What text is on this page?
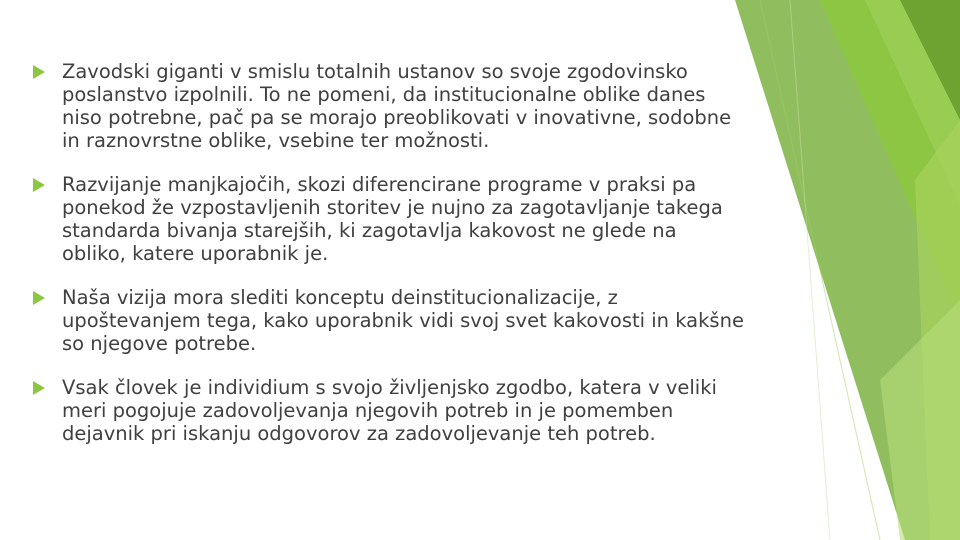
Zavodski giganti v smislu totalnih ustanov so svoje zgodovinsko
poslanstvo izpolnili. To ne pomeni, da institucionalne oblike danes
niso potrebne, pač pa se morajo preoblikovati v inovativne, sodobne
in raznovrstne oblike, vsebine ter možnosti.
Razvijanje manjkajočih, skozi diferencirane programe v praksi pa
ponekod že vzpostavljenih storitev je nujno za zagotavljanje takega
standarda bivanja starejših, ki zagotavlja kakovost ne glede na
obliko, katere uporabnik je.
Naša vizija mora slediti konceptu deinstitucionalizacije, z
upoštevanjem tega, kako uporabnik vidi svoj svet kakovosti in kakšne
so njegove potrebe.
Vsak človek je individium s svojo življenjsko zgodbo, katera v veliki
meri pogojuje zadovoljevanja njegovih potreb in je pomemben
dejavnik pri iskanju odgovorov za zadovoljevanje teh potreb.
